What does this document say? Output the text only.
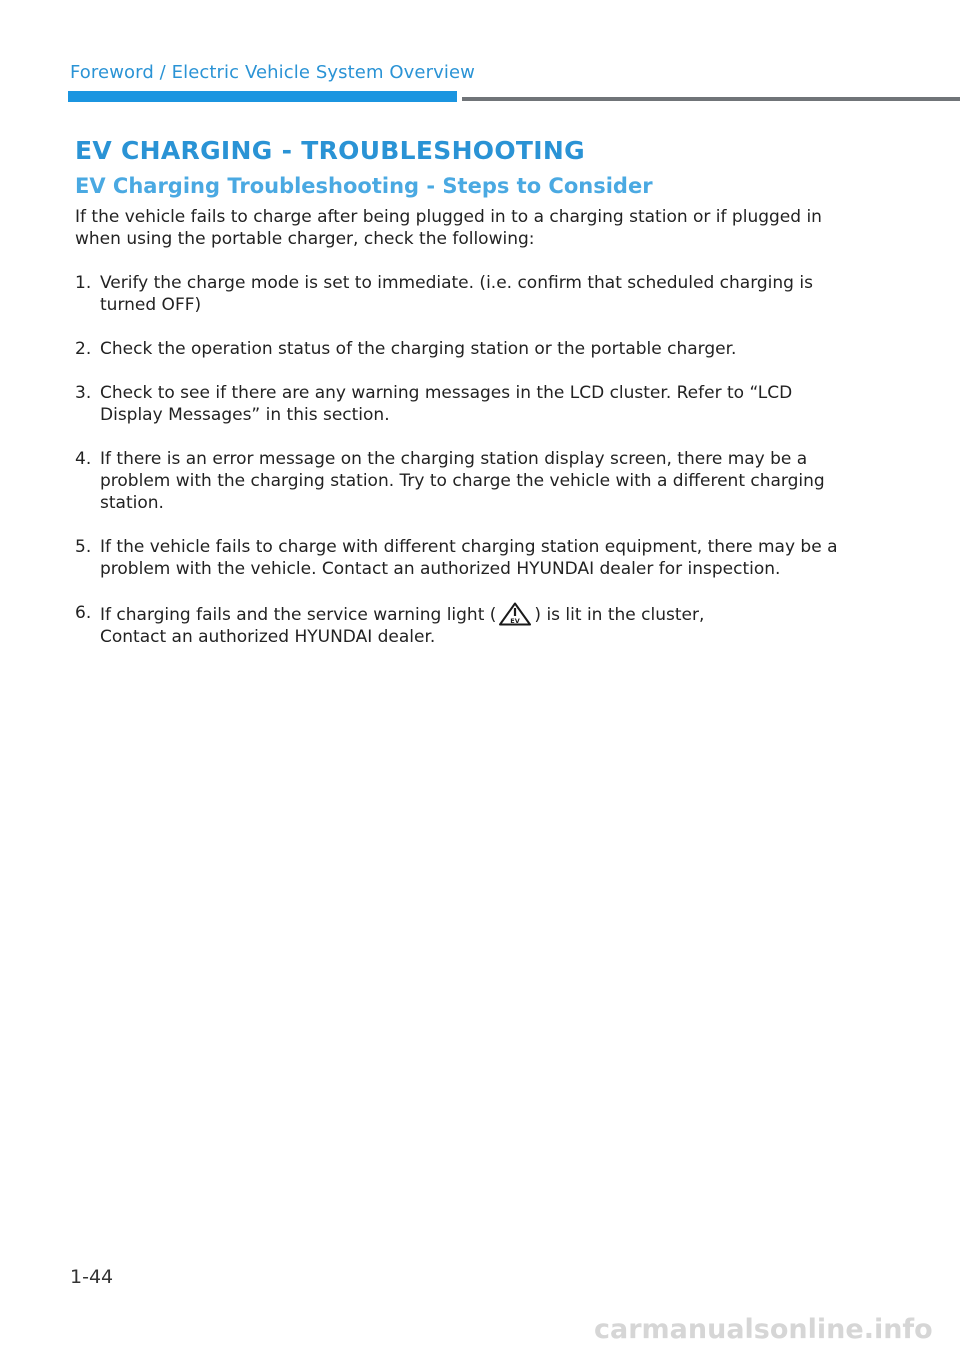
Foreword / Electric Vehicle System Overview
EV CHARGING - TROUBLESHOOTING
EV Charging Troubleshooting - Steps to Consider
If the vehicle fails to charge after being plugged in to a charging station or if plugged in when using the portable charger, check the following:
1. Verify the charge mode is set to immediate. (i.e. confirm that scheduled charging is turned OFF)
2. Check the operation status of the charging station or the portable charger.
3. Check to see if there are any warning messages in the LCD cluster. Refer to “LCD Display Messages” in this section.
4. If there is an error message on the charging station display screen, there may be a problem with the charging station. Try to charge the vehicle with a different charging station.
5. If the vehicle fails to charge with different charging station equipment, there may be a problem with the vehicle. Contact an authorized HYUNDAI dealer for inspection.
6. If charging fails and the service warning light ( EV ) is lit in the cluster,
Contact an authorized HYUNDAI dealer.
1-44
carmanualsonline.info
